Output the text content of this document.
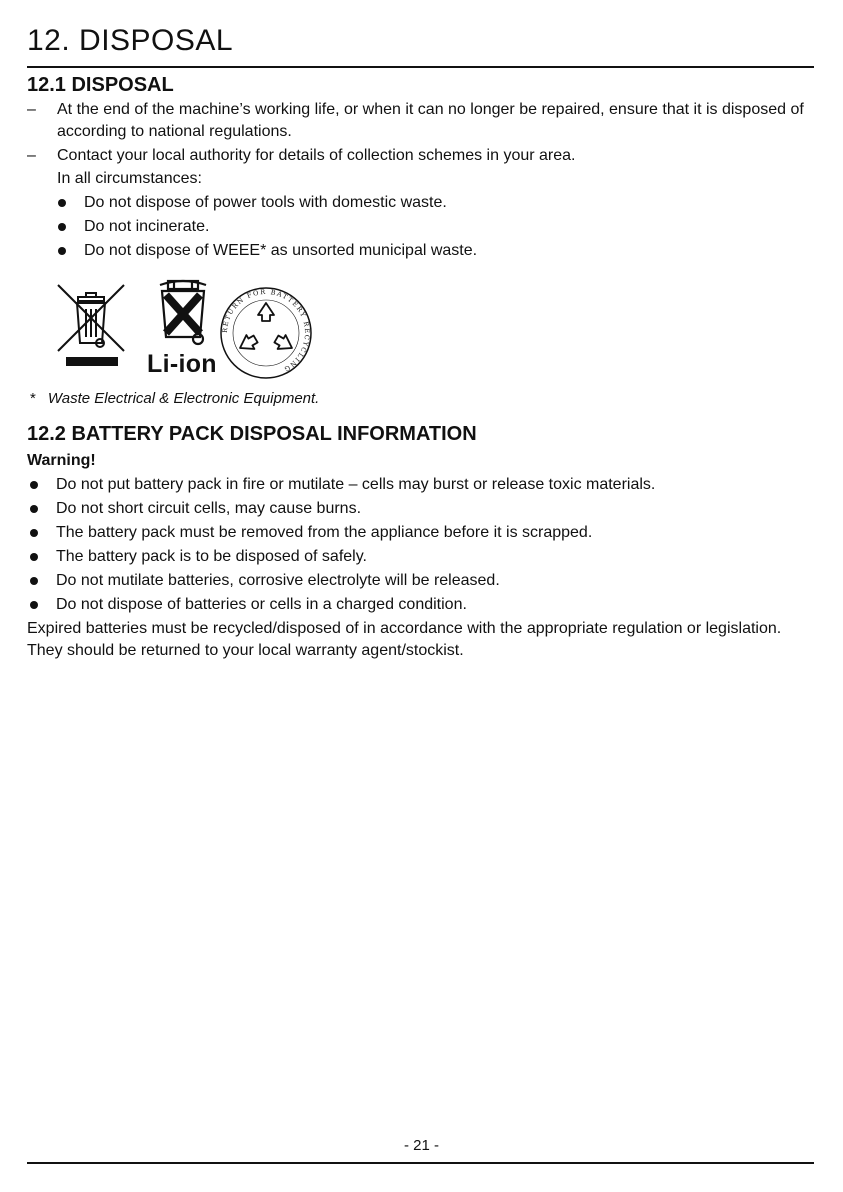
12. DISPOSAL
12.1 DISPOSAL
– At the end of the machine’s working life, or when it can no longer be repaired, ensure that it is disposed of according to national regulations.
– Contact your local authority for details of collection schemes in your area.
In all circumstances:
Do not dispose of power tools with domestic waste.
Do not incinerate.
Do not dispose of WEEE* as unsorted municipal waste.
RETURN FOR BATTERY RECYCLING
Li-ion
* Waste Electrical & Electronic Equipment.
12.2 BATTERY PACK DISPOSAL INFORMATION
Warning!
Do not put battery pack in fire or mutilate – cells may burst or release toxic materials.
Do not short circuit cells, may cause burns.
The battery pack must be removed from the appliance before it is scrapped.
The battery pack is to be disposed of safely.
Do not mutilate batteries, corrosive electrolyte will be released.
Do not dispose of batteries or cells in a charged condition.
Expired batteries must be recycled/disposed of in accordance with the appropriate regulation or legislation. They should be returned to your local warranty agent/stockist.
- 21 -
